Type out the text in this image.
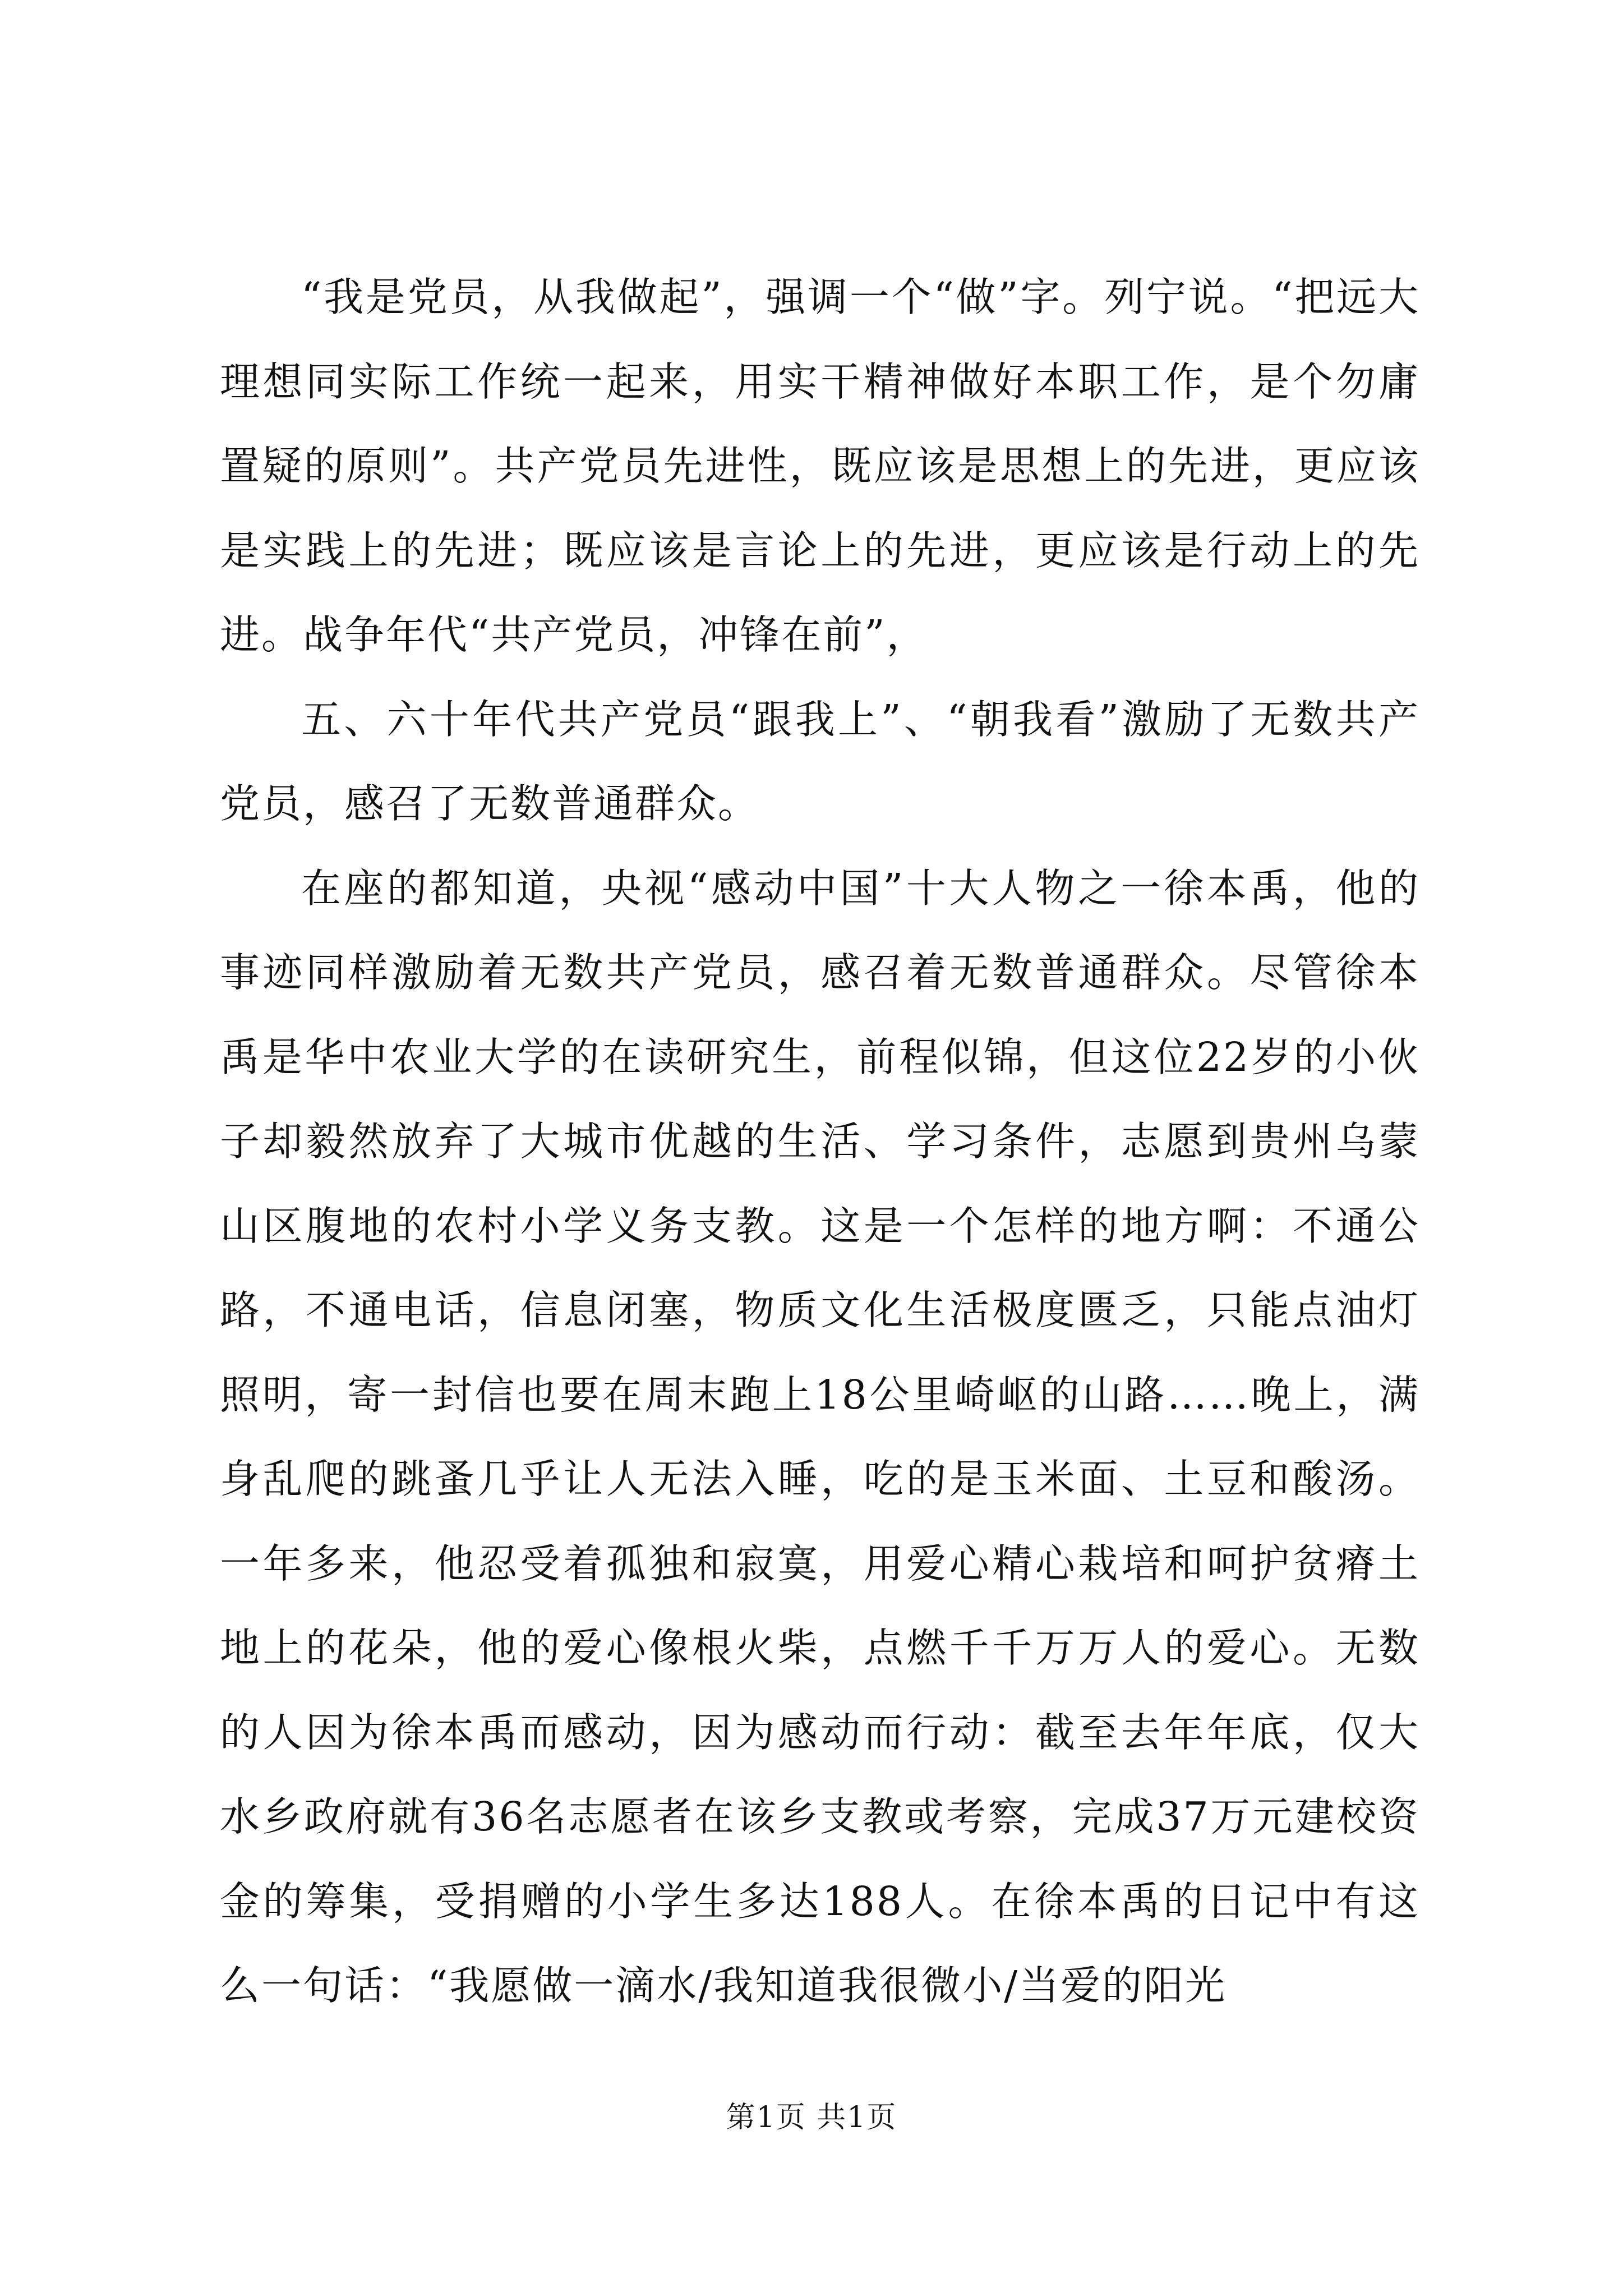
“我是党员，从我做起”，强调一个“做”字。列宁说。“把远大理想同实际工作统一起来，用实干精神做好本职工作，是个勿庸置疑的原则”。共产党员先进性，既应该是思想上的先进，更应该是实践上的先进；既应该是言论上的先进，更应该是行动上的先进。战争年代“共产党员，冲锋在前”，

五、六十年代共产党员“跟我上”、“朝我看”激励了无数共产党员，感召了无数普通群众。

在座的都知道，央视“感动中国”十大人物之一徐本禹，他的事迹同样激励着无数共产党员，感召着无数普通群众。尽管徐本禹是华中农业大学的在读研究生，前程似锦，但这位22岁的小伙子却毅然放弃了大城市优越的生活、学习条件，志愿到贵州乌蒙山区腹地的农村小学义务支教。这是一个怎样的地方啊：不通公路，不通电话，信息闭塞，物质文化生活极度匮乏，只能点油灯照明，寄一封信也要在周末跑上18公里崎岖的山路……晚上，满身乱爬的跳蚤几乎让人无法入睡，吃的是玉米面、土豆和酸汤。一年多来，他忍受着孤独和寂寞，用爱心精心栽培和呵护贫瘠土地上的花朵，他的爱心像根火柴，点燃千千万万人的爱心。无数的人因为徐本禹而感动，因为感动而行动：截至去年年底，仅大水乡政府就有36名志愿者在该乡支教或考察，完成37万元建校资金的筹集，受捐赠的小学生多达188人。在徐本禹的日记中有这么一句话：“我愿做一滴水/我知道我很微小/当爱的阳光

第1页 共1页
